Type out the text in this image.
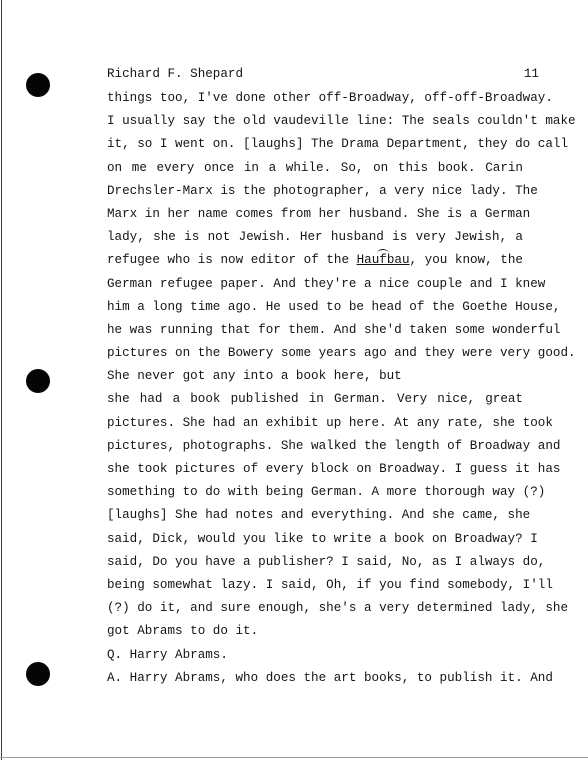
Richard F. Shepard	11
things too, I've done other off-Broadway, off-off-Broadway.
I usually say the old vaudeville line: The seals couldn't make
it, so I went on. [laughs] The Drama Department, they do call
on me every once in a while. So, on this book. Carin
Drechsler-Marx is the photographer, a very nice lady. The
Marx in her name comes from her husband. She is a German
lady, she is not Jewish. Her husband is very Jewish, a
refugee who is now editor of the Haufbau, you know, the
German refugee paper. And they're a nice couple and I knew
him a long time ago. He used to be head of the Goethe House,
he was running that for them. And she'd taken some wonderful
pictures on the Bowery some years ago and they were very good.
She never got any into a book here, but
she had a book published in German. Very nice, great
pictures. She had an exhibit up here. At any rate, she took
pictures, photographs. She walked the length of Broadway and
she took pictures of every block on Broadway. I guess it has
something to do with being German. A more thorough way (?)
[laughs] She had notes and everything. And she came, she
said, Dick, would you like to write a book on Broadway? I
said, Do you have a publisher? I said, No, as I always do,
being somewhat lazy. I said, Oh, if you find somebody, I'll
(?) do it, and sure enough, she's a very determined lady, she
got Abrams to do it.
Q. Harry Abrams.
A. Harry Abrams, who does the art books, to publish it. And
